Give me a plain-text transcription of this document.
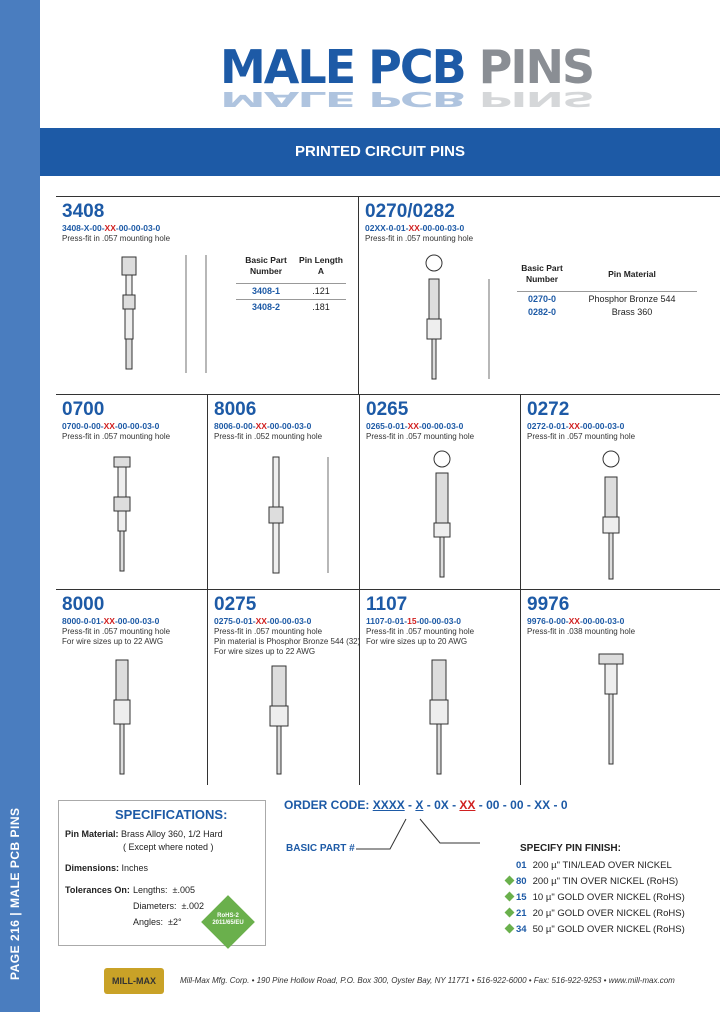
PAGE 216 | MALE PCB PINS
MALE PCB PINS
MALE PCB PINS
PRINTED CIRCUIT PINS
3408
3408-X-00-XX-00-00-03-0
Press-fit in .057 mounting hole
Basic Part Number
Pin Length A
3408-1	.121
3408-2	.181
0270/0282
02XX-0-01-XX-00-00-03-0
Press-fit in .057 mounting hole
Basic Part Number	Pin Material
0270-0	Phosphor Bronze 544
0282-0	Brass 360
0700
0700-0-00-XX-00-00-03-0
Press-fit in .057 mounting hole
8006
8006-0-00-XX-00-00-03-0
Press-fit in .052 mounting hole
0265
0265-0-01-XX-00-00-03-0
Press-fit in .057 mounting hole
0272
0272-0-01-XX-00-00-03-0
Press-fit in .057 mounting hole
8000
8000-0-01-XX-00-00-03-0
Press-fit in .057 mounting hole
For wire sizes up to 22 AWG
0275
0275-0-01-XX-00-00-03-0
Press-fit in .057 mounting hole
Pin material is Phosphor Bronze 544 (32)
For wire sizes up to 22 AWG
1107
1107-0-01-15-00-00-03-0
Press-fit in .057 mounting hole
For wire sizes up to 20 AWG
9976
9976-0-00-XX-00-00-03-0
Press-fit in .038 mounting hole
SPECIFICATIONS:
Pin Material: Brass Alloy 360, 1/2 Hard
( Except where noted )
Dimensions: Inches
Tolerances On: Lengths: ±.005
Diameters: ±.002
Angles: ±2°
RoHS-2 2011/65/EU
ORDER CODE: XXXX - X - 0X - XX - 00 - 00 - XX - 0
BASIC PART #	SPECIFY PIN FINISH:
01 200 µ" TIN/LEAD OVER NICKEL
80 200 µ" TIN OVER NICKEL (RoHS)
15 10 µ" GOLD OVER NICKEL (RoHS)
21 20 µ" GOLD OVER NICKEL (RoHS)
34 50 µ" GOLD OVER NICKEL (RoHS)
MILL-MAX	Mill-Max Mfg. Corp. • 190 Pine Hollow Road, P.O. Box 300, Oyster Bay, NY 11771 • 516-922-6000 • Fax: 516-922-9253 • www.mill-max.com
